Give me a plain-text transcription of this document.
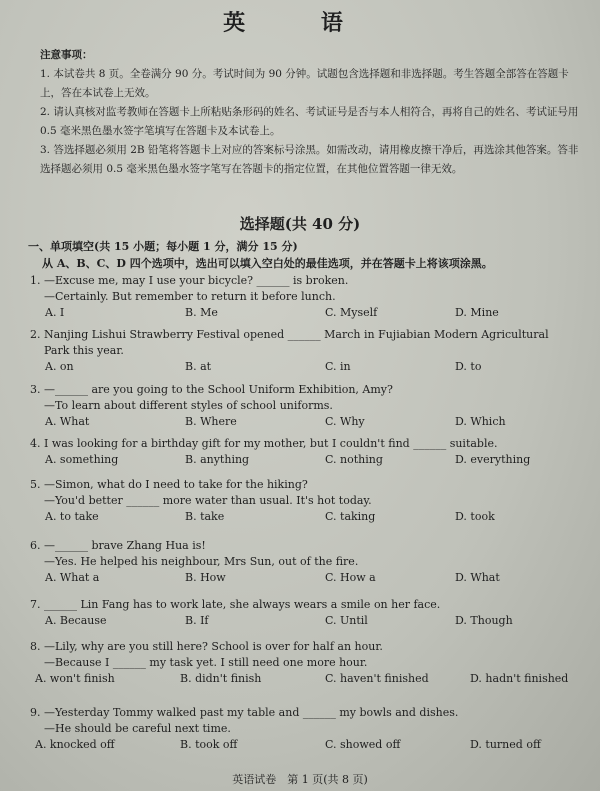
英 语
注意事项：
1. 本试卷共 8 页。全卷满分 90 分。考试时间为 90 分钟。试题包含选择题和非选择题。考生答题全部答在答题卡上，答在本试卷上无效。
2. 请认真核对监考教师在答题卡上所粘贴条形码的姓名、考试证号是否与本人相符合，再将自己的姓名、考试证号用 0.5 毫米黑色墨水签字笔填写在答题卡及本试卷上。
3. 答选择题必须用 2B 铅笔将答题卡上对应的答案标号涂黑。如需改动，请用橡皮擦干净后，再选涂其他答案。答非选择题必须用 0.5 毫米黑色墨水签字笔写在答题卡的指定位置，在其他位置答题一律无效。
选择题(共 40 分)
一、单项填空(共 15 小题；每小题 1 分，满分 15 分)
从 A、B、C、D 四个选项中，选出可以填入空白处的最佳选项，并在答题卡上将该项涂黑。
1. —Excuse me, may I use your bicycle? ______ is broken.
—Certainly. But remember to return it before lunch.
A. I	B. Me	C. Myself	D. Mine
2. Nanjing Lishui Strawberry Festival opened ______ March in Fujiabian Modern Agricultural
Park this year.
A. on	B. at	C. in	D. to
3. —______ are you going to the School Uniform Exhibition, Amy?
—To learn about different styles of school uniforms.
A. What	B. Where	C. Why	D. Which
4. I was looking for a birthday gift for my mother, but I couldn't find ______ suitable.
A. something	B. anything	C. nothing	D. everything
5. —Simon, what do I need to take for the hiking?
—You'd better ______ more water than usual. It's hot today.
A. to take	B. take	C. taking	D. took
6. —______ brave Zhang Hua is!
—Yes. He helped his neighbour, Mrs Sun, out of the fire.
A. What a	B. How	C. How a	D. What
7. ______ Lin Fang has to work late, she always wears a smile on her face.
A. Because	B. If	C. Until	D. Though
8. —Lily, why are you still here? School is over for half an hour.
—Because I ______ my task yet. I still need one more hour.
A. won't finish	B. didn't finish	C. haven't finished	D. hadn't finished
9. —Yesterday Tommy walked past my table and ______ my bowls and dishes.
—He should be careful next time.
A. knocked off	B. took off	C. showed off	D. turned off
英语试卷　第 1 页(共 8 页)
